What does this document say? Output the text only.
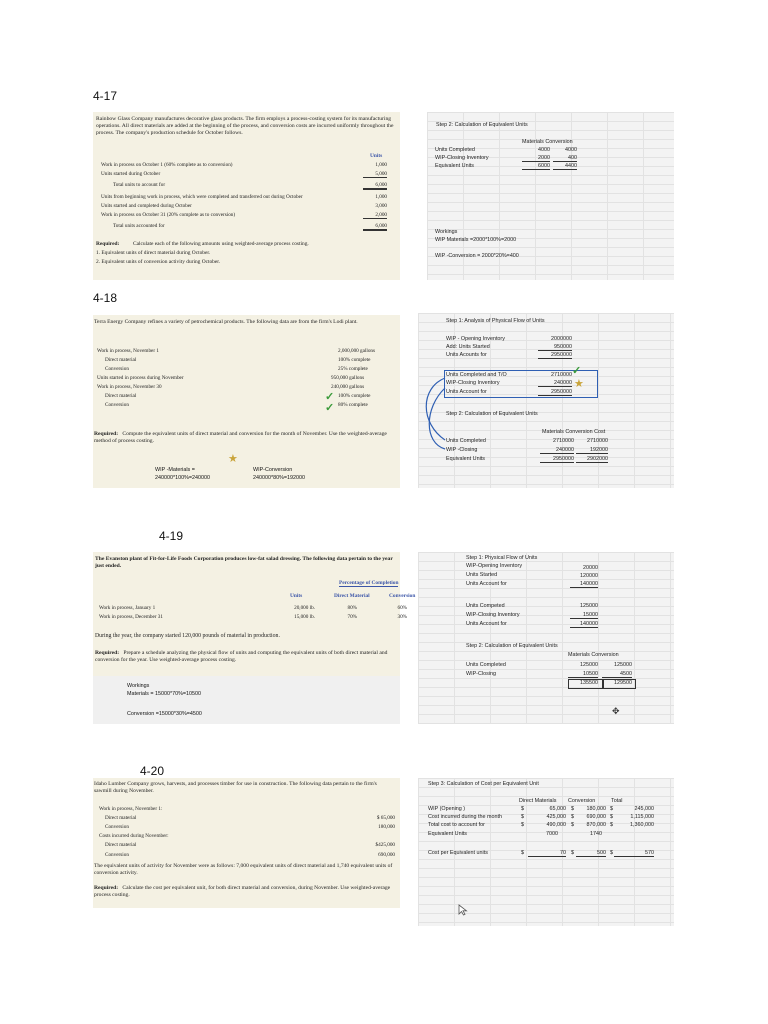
4-17
Rainbow Glass Company manufactures decorative glass products. The firm employs a process-costing system for its manufacturing operations. All direct materials are added at the beginning of the process, and conversion costs are incurred uniformly throughout the process. The company's production schedule for October follows.
Units
Work in process on October 1 (60% complete as to conversion)	1,000
Units started during October	5,000
Total units to account for	6,000
Units from beginning work in process, which were completed and transferred out during October	1,000
Units started and completed during October	3,000
Work in process on October 31 (20% complete as to conversion)	2,000
Total units accounted for	6,000
Required:	Calculate each of the following amounts using weighted-average process costing.
1. Equivalent units of direct material during October.
2. Equivalent units of conversion activity during October.
Step 2: Calculation of Equivalent Units
Materials Conversion
Units Completed	4000	4000
WIP-Closing Inventory	2000	400
Equivalent Units	6000	4400
Workings
WIP Materials =2000*100%=2000
WIP -Conversion = 2000*20%=400
4-18
Terra Energy Company refines a variety of petrochemical products. The following data are from the firm's Lodi plant.
Work in process, November 1	2,000,000 gallons
Direct material	100% complete
Conversion	25% complete
Units started in process during November	950,000 gallons
Work in process, November 30	240,000 gallons
Direct material	100% complete
Conversion	80% complete
✓
✓
Required: Compute the equivalent units of direct material and conversion for the month of November. Use the weighted-average method of process costing.
★
WIP -Materials =
240000*100%=240000
WIP-Conversion
240000*80%=192000
Step 1: Analysis of Physical Flow of Units
WIP - Opening Inventory	2000000
Add: Units Started	950000
Units Acounts for	2950000
Units Completed and T/O	2710000
WIP-Closing Inventory	240000
Units Account for	2950000
✓
★
Step 2: Calculation of Equivalent Units
Materials Conversion Cost
Units Completed	2710000	2710000
WIP -Closing	240000	192000
Equivalent Units	2950000	2902000
4-19
The Evanston plant of Fit-for-Life Foods Corporation produces low-fat salad dressing. The following data pertain to the year just ended.
Percentage of Completion
Units	Direct Material	Conversion
Work in process, January 1	20,000 lb.	80%	60%
Work in process, December 31	15,000 lb.	70%	30%
During the year, the company started 120,000 pounds of material in production.
Required: Prepare a schedule analyzing the physical flow of units and computing the equivalent units of both direct material and conversion for the year. Use weighted-average process costing.
Workings
Materials = 15000*70%=10500
Conversion =15000*30%=4500
Step 1: Physical Flow of Units
WIP-Opening Inventory	20000
Units Started	120000
Units Account for	140000
Units Competed	125000
WIP-Closing Inventory	15000
Units Account for	140000
Step 2: Calculation of Equivalent Units
Materials Conversion
Units Completed	125000	125000
WIP-Closing	10500	4500
135500	129500
✥
4-20
Idaho Lumber Company grows, harvests, and processes timber for use in construction. The following data pertain to the firm's sawmill during November.
Work in process, November 1:
Direct material	$ 65,000
Conversion	180,000
Costs incurred during November:
Direct material	$425,000
Conversion	690,000
The equivalent units of activity for November were as follows: 7,000 equivalent units of direct material and 1,740 equivalent units of conversion activity.
Required: Calculate the cost per equivalent unit, for both direct material and conversion, during November. Use weighted-average process costing.
Step 3: Calculation of Cost per Equivalent Unit
Direct Materials Conversion	Total
WIP (Opening )	$	65,000 $	180,000 $	245,000
Cost incurred during the month	$	425,000 $	690,000 $	1,115,000
Total cost to account for	$	490,000 $	870,000 $	1,360,000
Equivalent Units	7000	1740
Cost per Equivalent units	$	70 $	500 $	570
